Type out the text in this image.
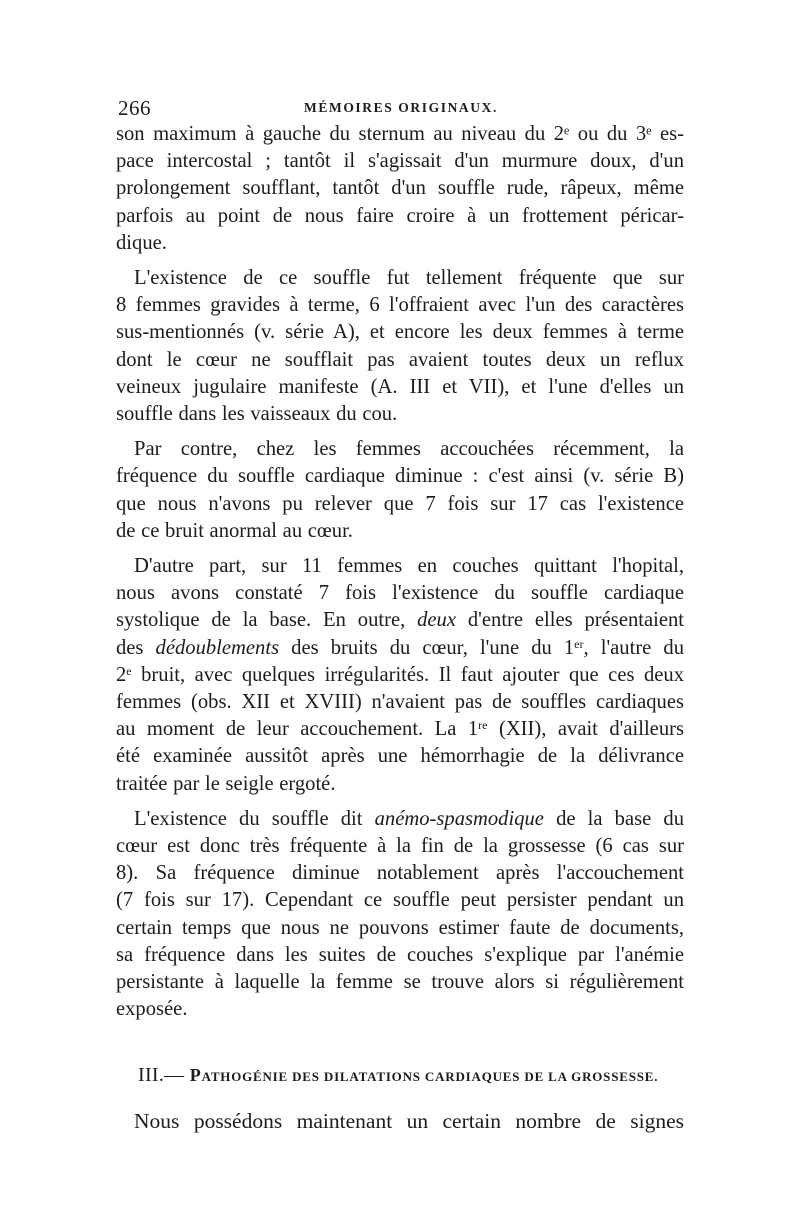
266	MÉMOIRES ORIGINAUX.

son maximum à gauche du sternum au niveau du 2ᵉ ou du 3ᵉ es-
pace intercostal ; tantôt il s'agissait d'un murmure doux, d'un
prolongement soufflant, tantôt d'un souffle rude, râpeux, même
parfois au point de nous faire croire à un frottement péricar-
dique.

L'existence de ce souffle fut tellement fréquente que sur
8 femmes gravides à terme, 6 l'offraient avec l'un des caractères
sus-mentionnés (v. série A), et encore les deux femmes à terme
dont le cœur ne soufflait pas avaient toutes deux un reflux
veineux jugulaire manifeste (A. III et VII), et l'une d'elles un
souffle dans les vaisseaux du cou.

Par contre, chez les femmes accouchées récemment, la
fréquence du souffle cardiaque diminue : c'est ainsi (v. série B)
que nous n'avons pu relever que 7 fois sur 17 cas l'existence
de ce bruit anormal au cœur.

D'autre part, sur 11 femmes en couches quittant l'hopital,
nous avons constaté 7 fois l'existence du souffle cardiaque
systolique de la base. En outre, deux d'entre elles présentaient
des dédoublements des bruits du cœur, l'une du 1er, l'autre du
2e bruit, avec quelques irrégularités. Il faut ajouter que ces deux
femmes (obs. XII et XVIII) n'avaient pas de souffles cardiaques
au moment de leur accouchement. La 1re (XII), avait d'ailleurs
été examinée aussitôt après une hémorrhagie de la délivrance
traitée par le seigle ergoté.

L'existence du souffle dit anémo-spasmodique de la base du
cœur est donc très fréquente à la fin de la grossesse (6 cas sur
8). Sa fréquence diminue notablement après l'accouchement
(7 fois sur 17). Cependant ce souffle peut persister pendant un
certain temps que nous ne pouvons estimer faute de documents,
sa fréquence dans les suites de couches s'explique par l'anémie
persistante à laquelle la femme se trouve alors si régulièrement
exposée.

III.— PATHOGÉNIE DES DILATATIONS CARDIAQUES DE LA GROSSESSE.
Nous possédons maintenant un certain nombre de signes
